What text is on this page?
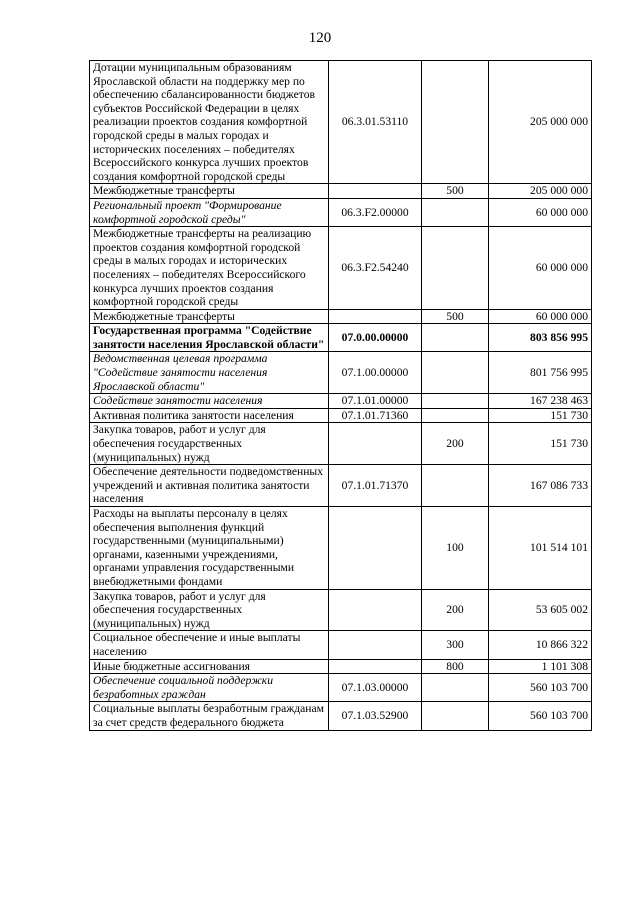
120
Дотации муниципальным образованиям Ярославской области на поддержку мер по обеспечению сбалансированности бюджетов субъектов Российской Федерации в целях реализации проектов создания комфортной городской среды в малых городах и исторических поселениях – победителях Всероссийского конкурса лучших проектов создания комфортной городской среды	06.3.01.53110		205 000 000
Межбюджетные трансферты		500	205 000 000
Региональный проект "Формирование комфортной городской среды"	06.3.F2.00000		60 000 000
Межбюджетные трансферты на реализацию проектов создания комфортной городской среды в малых городах и исторических поселениях – победителях Всероссийского конкурса лучших проектов создания комфортной городской среды	06.3.F2.54240		60 000 000
Межбюджетные трансферты		500	60 000 000
Государственная программа "Содействие занятости населения Ярославской области"	07.0.00.00000		803 856 995
Ведомственная целевая программа "Содействие занятости населения Ярославской области"	07.1.00.00000		801 756 995
Содействие занятости населения	07.1.01.00000		167 238 463
Активная политика занятости населения	07.1.01.71360		151 730
Закупка товаров, работ и услуг для обеспечения государственных (муниципальных) нужд		200	151 730
Обеспечение деятельности подведомственных учреждений и активная политика занятости населения	07.1.01.71370		167 086 733
Расходы на выплаты персоналу в целях обеспечения выполнения функций государственными (муниципальными) органами, казенными учреждениями, органами управления государственными внебюджетными фондами		100	101 514 101
Закупка товаров, работ и услуг для обеспечения государственных (муниципальных) нужд		200	53 605 002
Социальное обеспечение и иные выплаты населению		300	10 866 322
Иные бюджетные ассигнования		800	1 101 308
Обеспечение социальной поддержки безработных граждан	07.1.03.00000		560 103 700
Социальные выплаты безработным гражданам за счет средств федерального бюджета	07.1.03.52900		560 103 700
